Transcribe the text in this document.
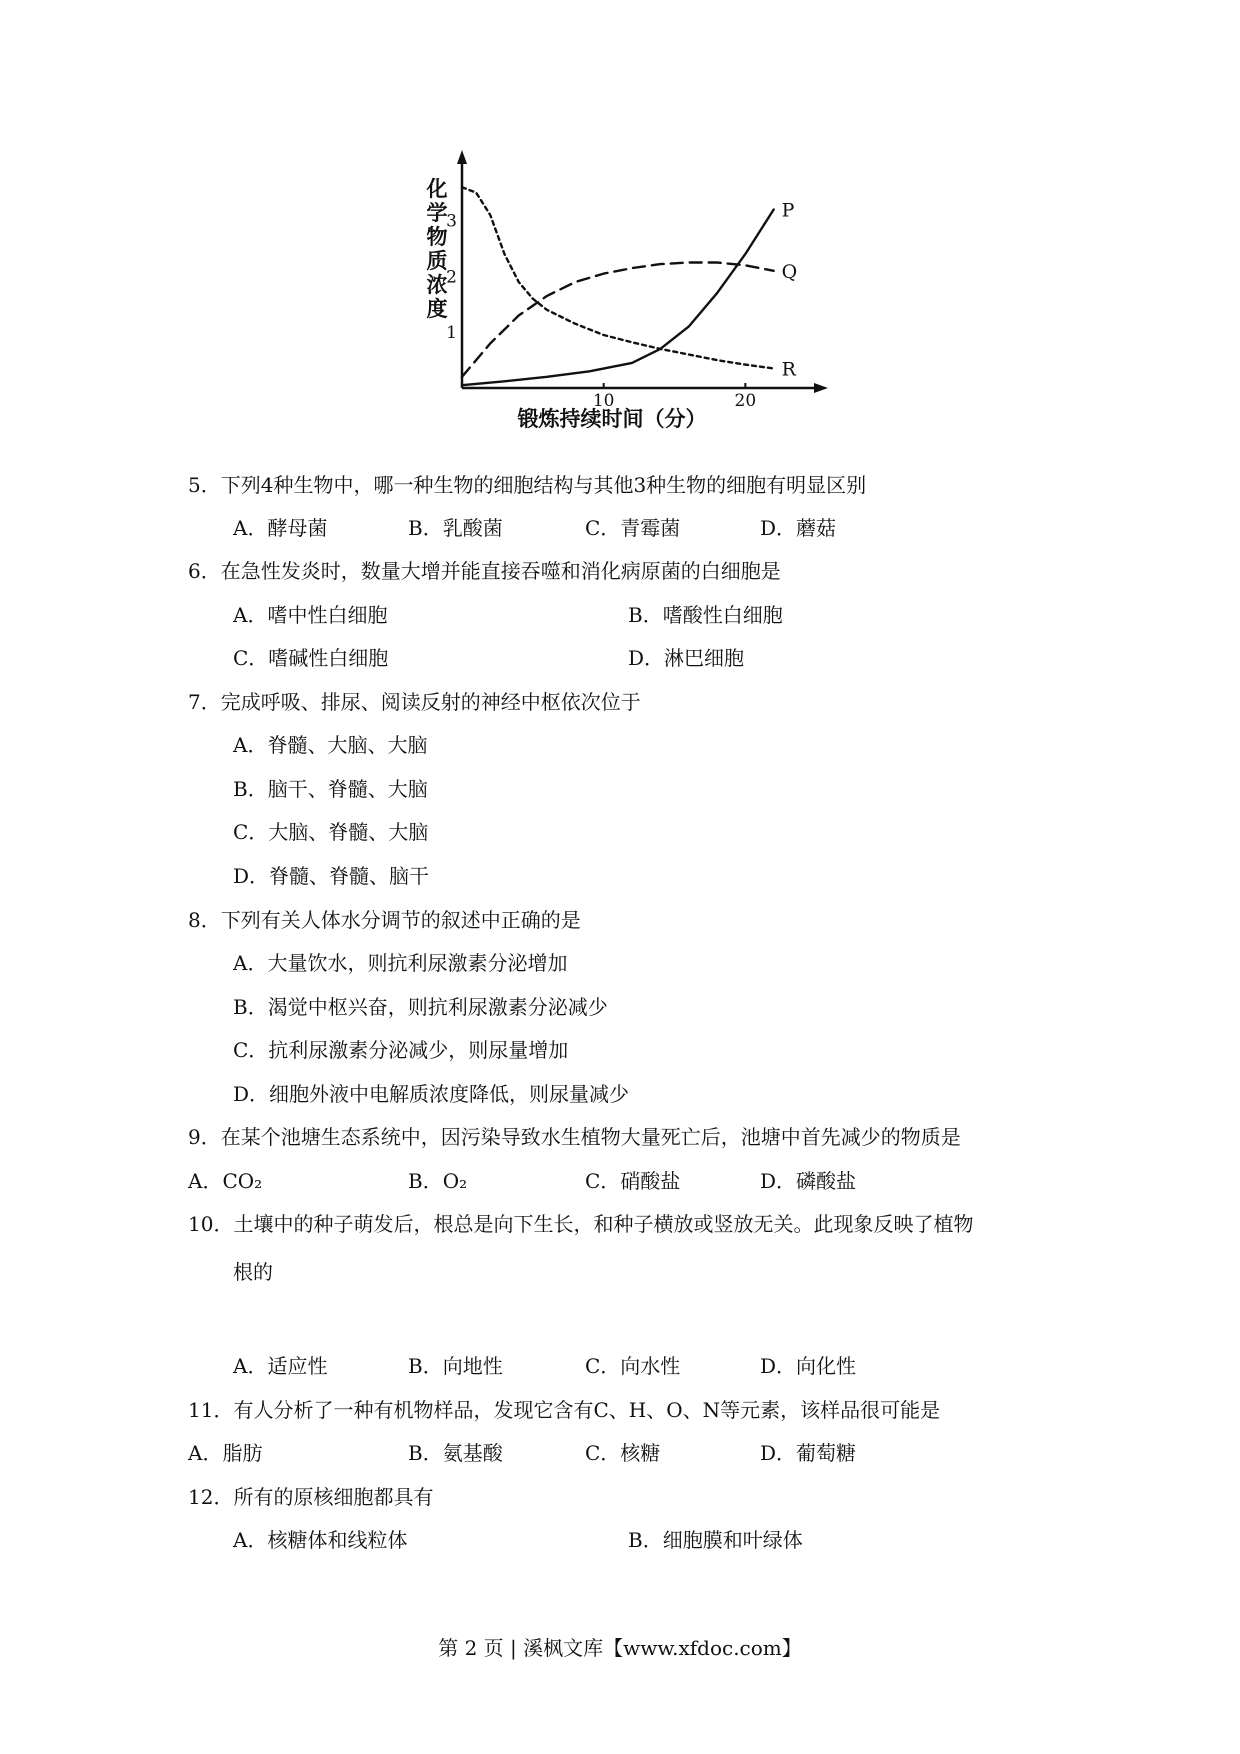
10	20
1
2
3
P
Q
R
化
学
物
质
浓
度
锻炼持续时间（分）
5．下列4种生物中，哪一种生物的细胞结构与其他3种生物的细胞有明显区别
A．酵母菌	B．乳酸菌	C．青霉菌	D．蘑菇
6．在急性发炎时，数量大增并能直接吞噬和消化病原菌的白细胞是
A．嗜中性白细胞	B．嗜酸性白细胞
C．嗜碱性白细胞	D．淋巴细胞
7．完成呼吸、排尿、阅读反射的神经中枢依次位于
A．脊髓、大脑、大脑
B．脑干、脊髓、大脑
C．大脑、脊髓、大脑
D．脊髓、脊髓、脑干
8．下列有关人体水分调节的叙述中正确的是
A．大量饮水，则抗利尿激素分泌增加
B．渴觉中枢兴奋，则抗利尿激素分泌减少
C．抗利尿激素分泌减少，则尿量增加
D．细胞外液中电解质浓度降低，则尿量减少
9．在某个池塘生态系统中，因污染导致水生植物大量死亡后，池塘中首先减少的物质是
A．CO₂	B．O₂	C．硝酸盐	D．磷酸盐
10．土壤中的种子萌发后，根总是向下生长，和种子横放或竖放无关。此现象反映了植物
根的
A．适应性	B．向地性	C．向水性	D．向化性
11．有人分析了一种有机物样品，发现它含有C、H、O、N等元素，该样品很可能是
A．脂肪	B．氨基酸	C．核糖	D．葡萄糖
12．所有的原核细胞都具有
A．核糖体和线粒体	B．细胞膜和叶绿体
第 2 页 | 溪枫文库【www.xfdoc.com】
